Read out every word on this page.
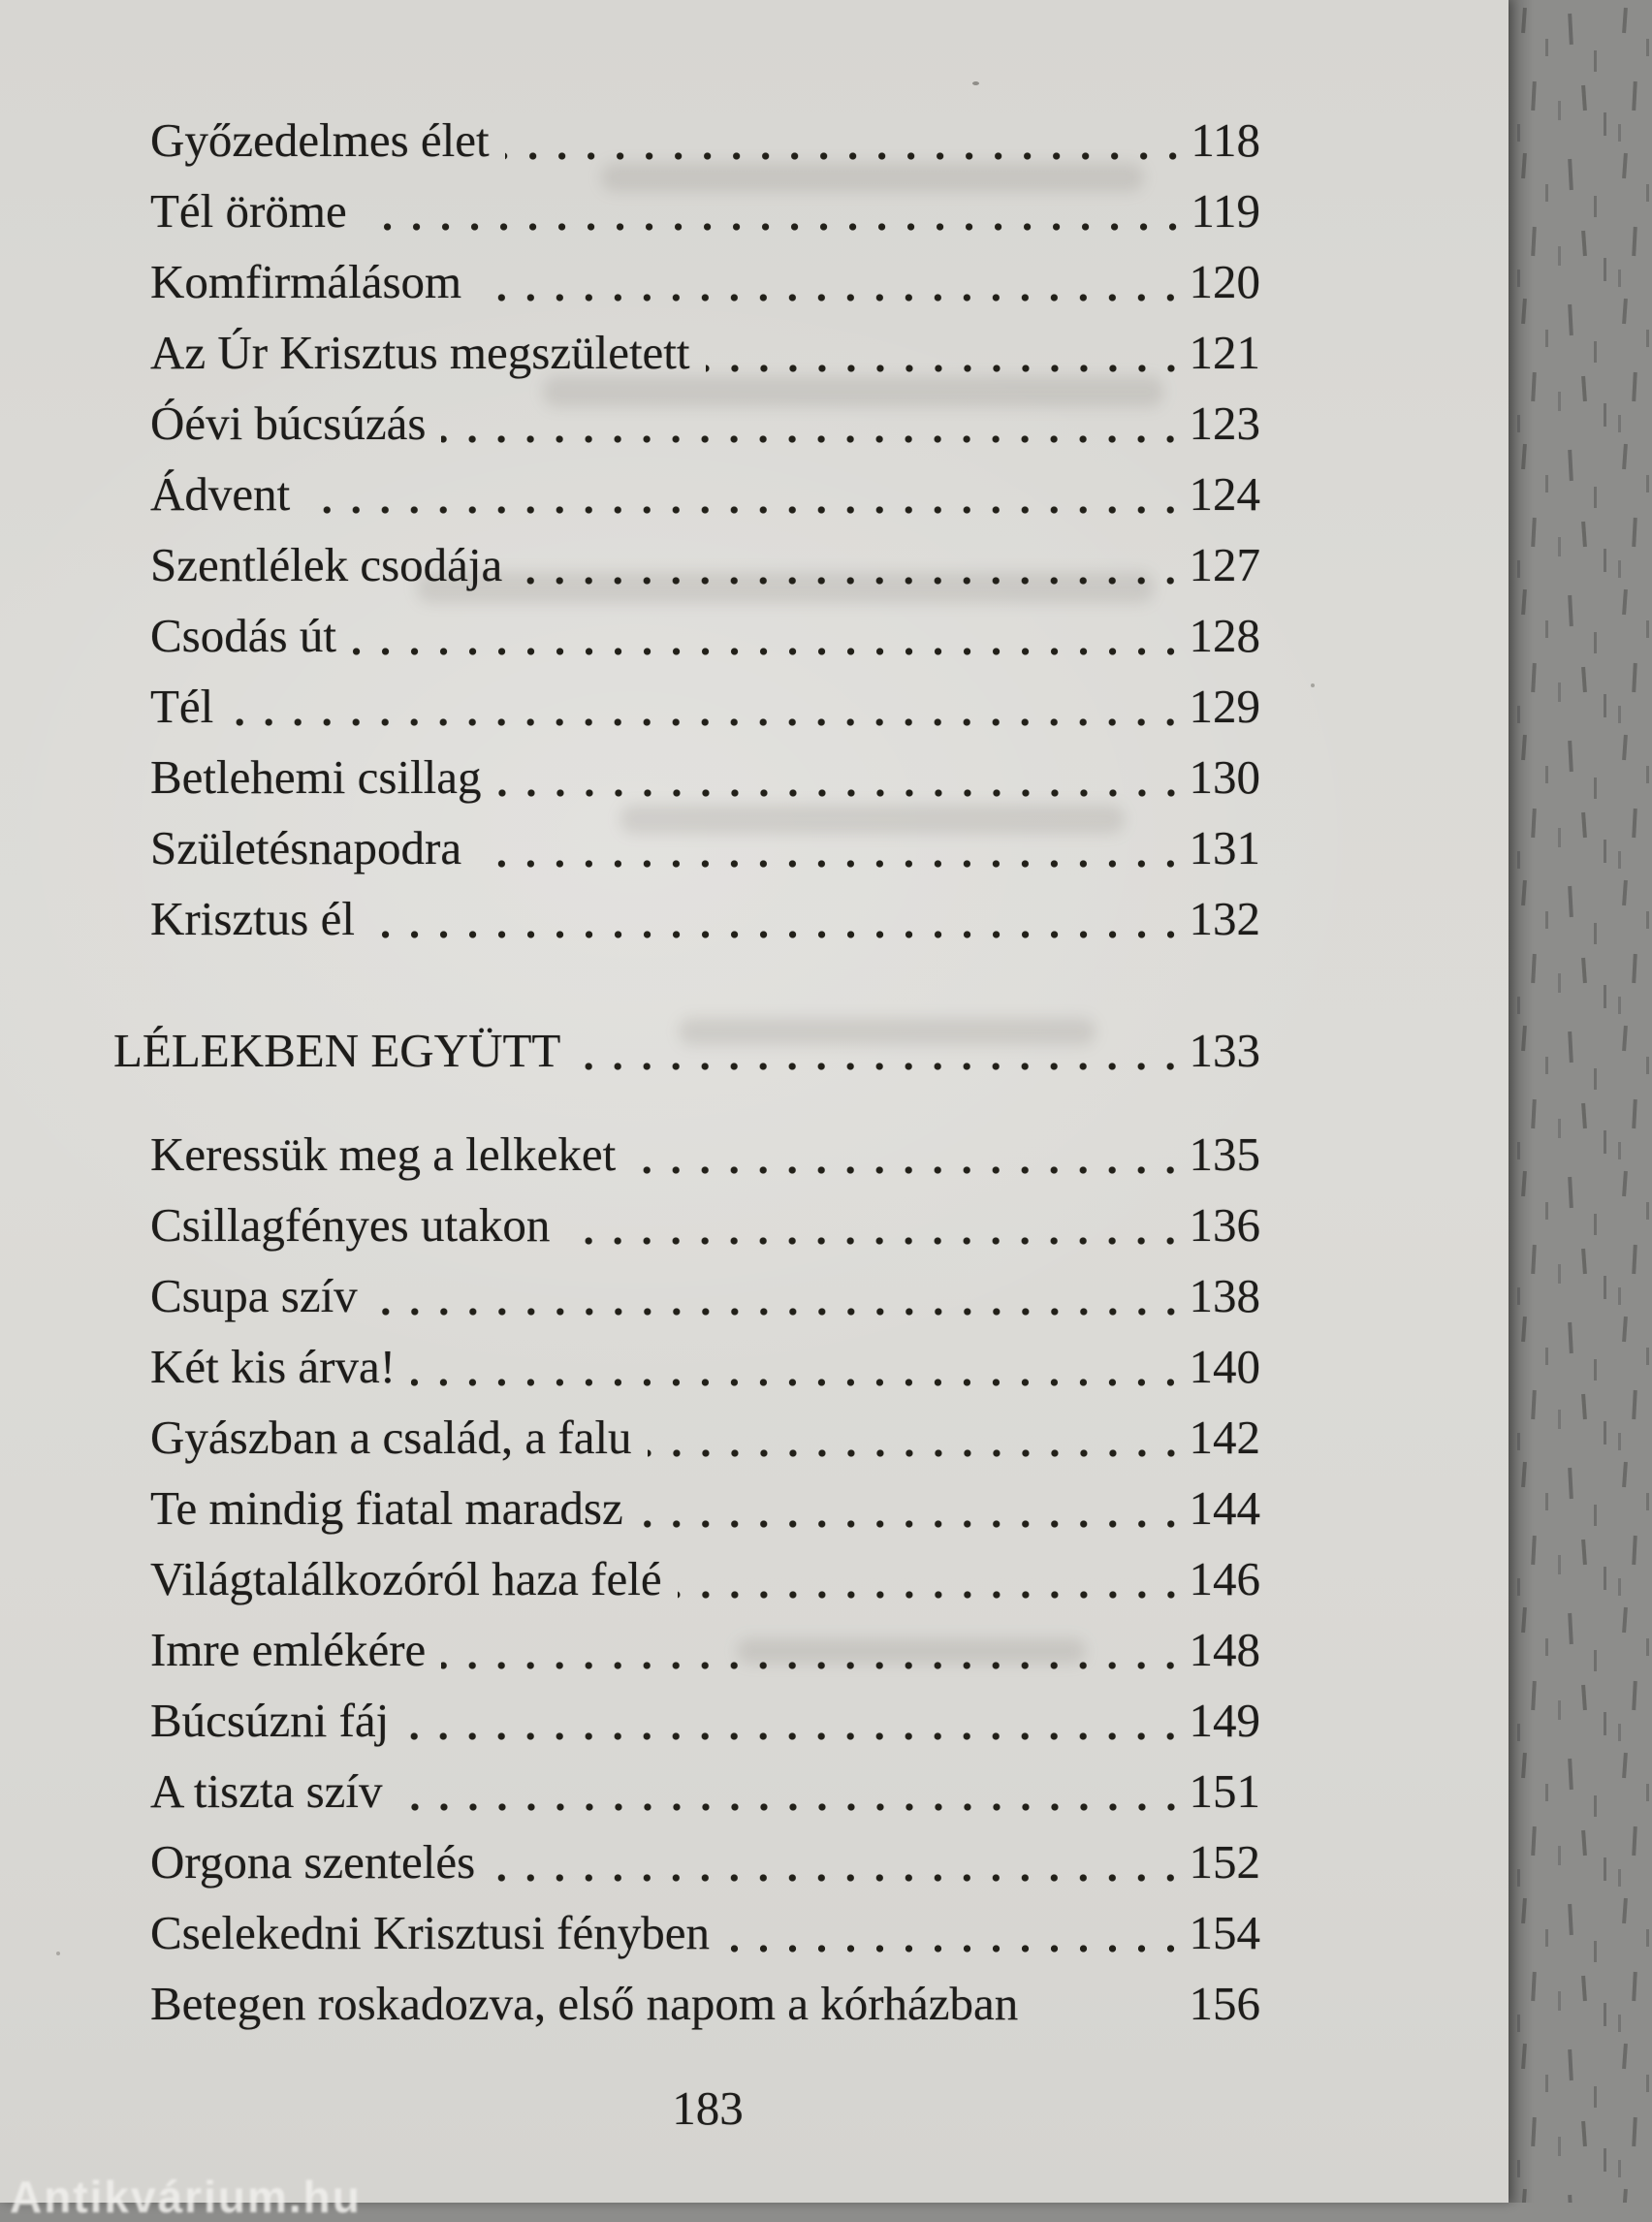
Győzedelmes élet	118
Tél öröme	119
Komfirmálásom	120
Az Úr Krisztus megszületett	121
Óévi búcsúzás	123
Ádvent	124
Szentlélek csodája	127
Csodás út	128
Tél	129
Betlehemi csillag	130
Születésnapodra	131
Krisztus él	132
LÉLEKBEN EGYÜTT	133
Keressük meg a lelkeket	135
Csillagfényes utakon	136
Csupa szív	138
Két kis árva!	140
Gyászban a család, a falu	142
Te mindig fiatal maradsz	144
Világtalálkozóról haza felé	146
Imre emlékére	148
Búcsúzni fáj	149
A tiszta szív	151
Orgona szentelés	152
Cselekedni Krisztusi fényben	154
Betegen roskadozva, első napom a kórházban	156
183
Antikvárium.hu
